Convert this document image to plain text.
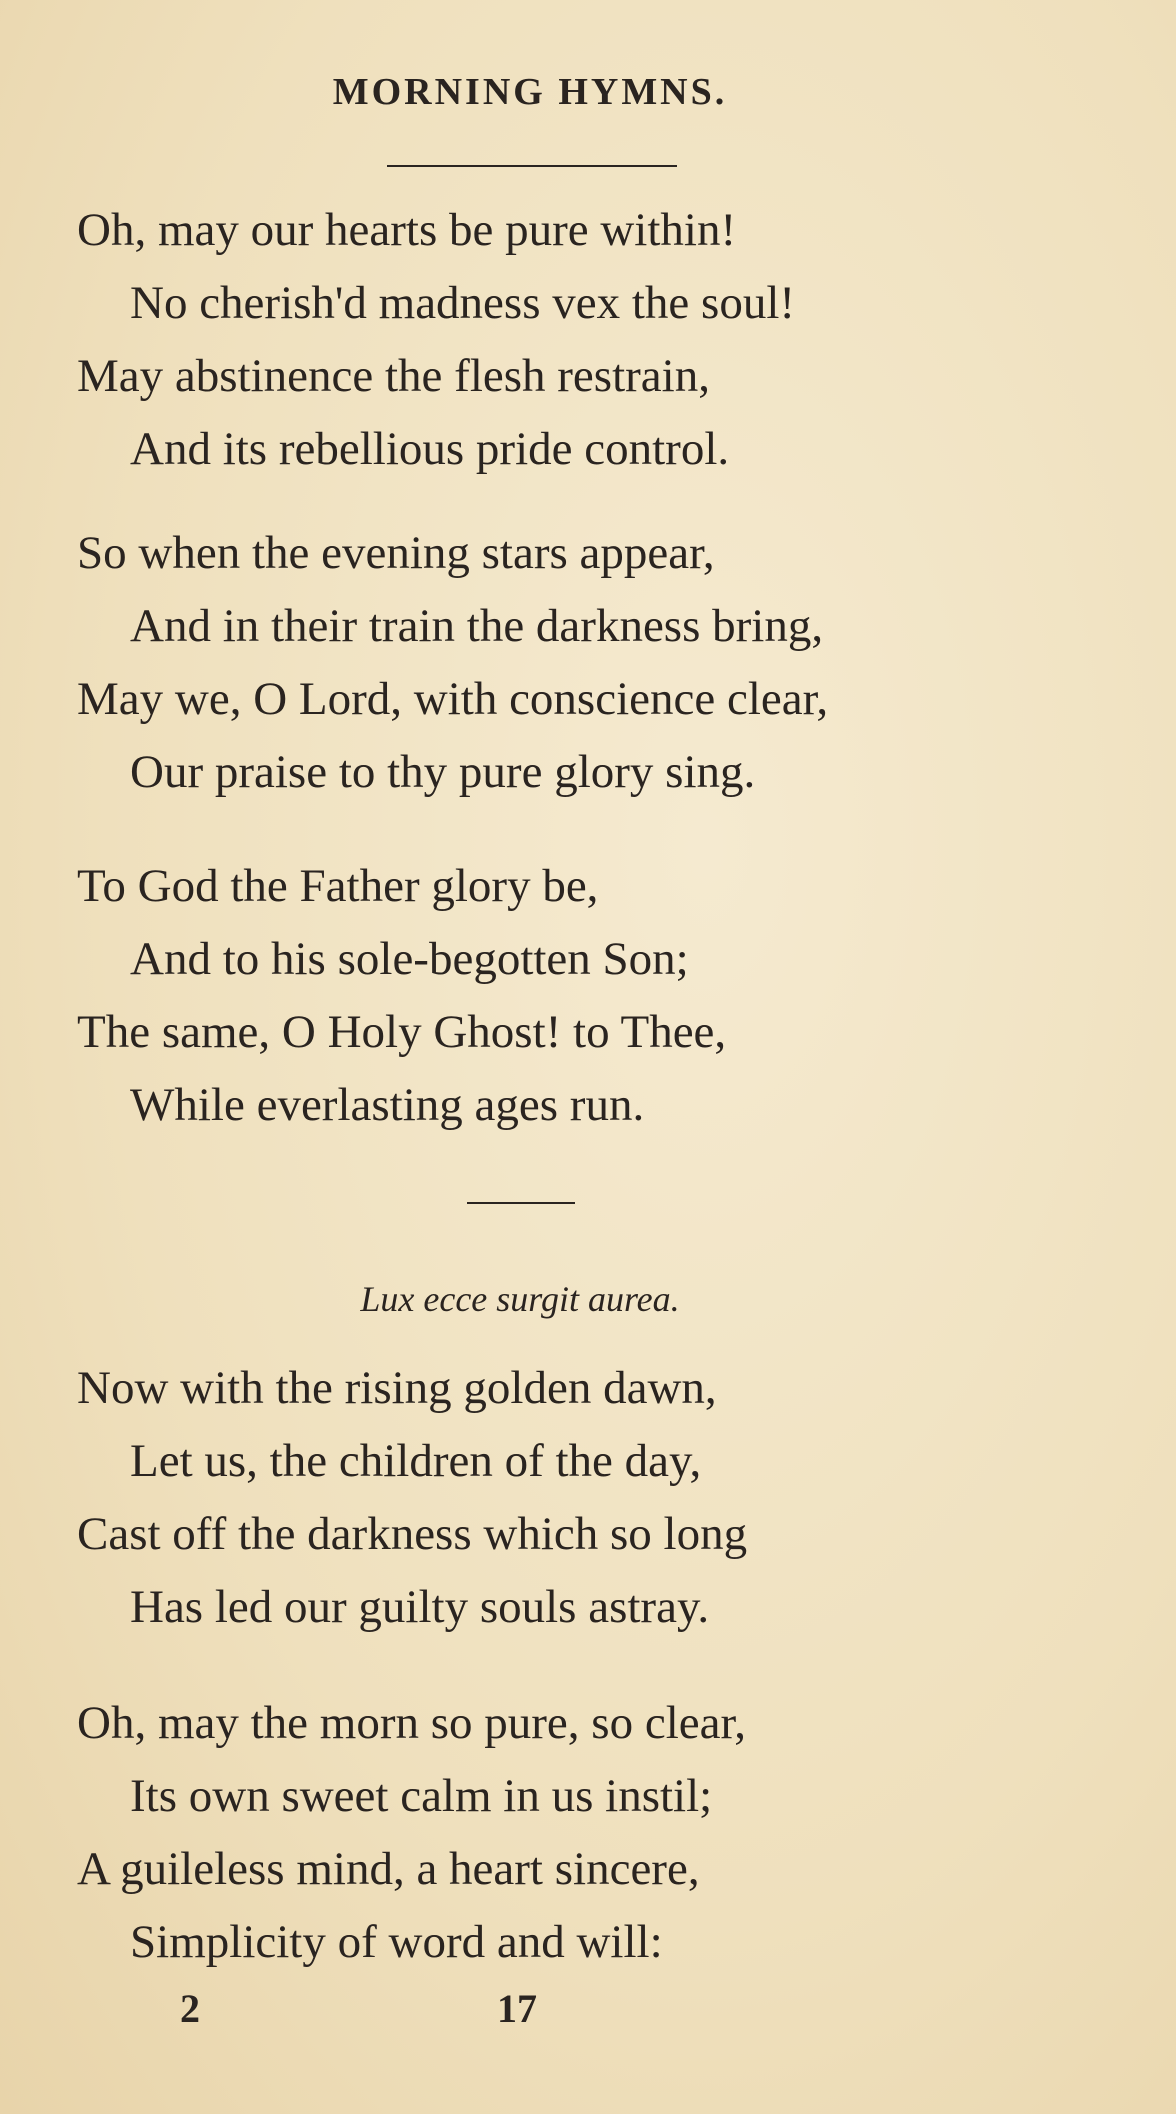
MORNING HYMNS.
Oh, may our hearts be pure within!
No cherish'd madness vex the soul!
May abstinence the flesh restrain,
And its rebellious pride control.
So when the evening stars appear,
And in their train the darkness bring,
May we, O Lord, with conscience clear,
Our praise to thy pure glory sing.
To God the Father glory be,
And to his sole-begotten Son;
The same, O Holy Ghost! to Thee,
While everlasting ages run.
Lux ecce surgit aurea.
Now with the rising golden dawn,
Let us, the children of the day,
Cast off the darkness which so long
Has led our guilty souls astray.
Oh, may the morn so pure, so clear,
Its own sweet calm in us instil;
A guileless mind, a heart sincere,
Simplicity of word and will:
2	17
